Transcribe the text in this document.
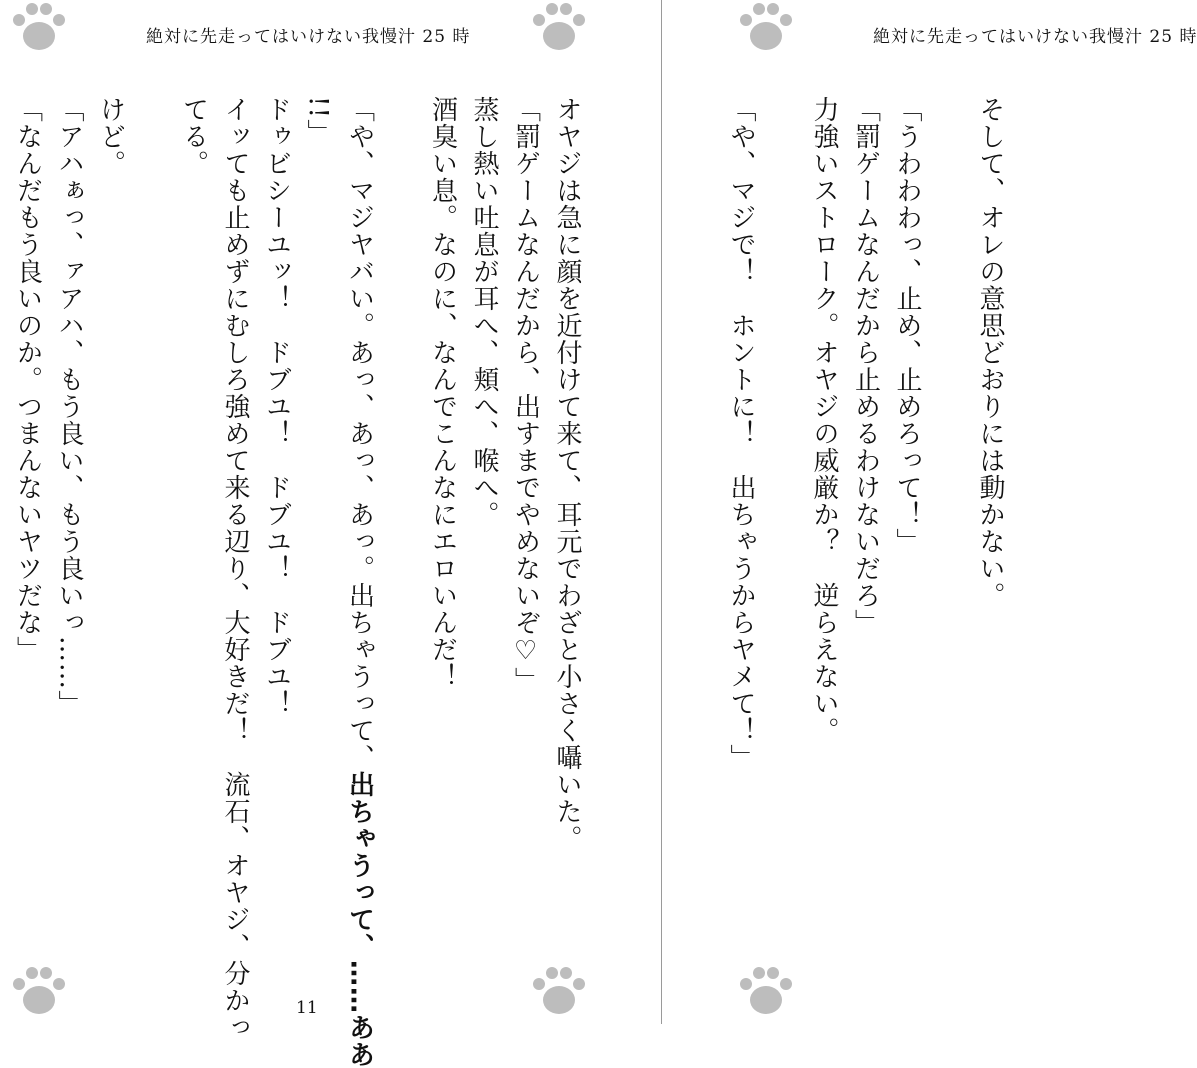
絶対に先走ってはいけない我慢汁 25 時
オヤジは急に顔を近付けて来て、耳元でわざと小さく囁いた。
「罰ゲームなんだから、出すまでやめないぞ♡」
蒸し熱い吐息が耳へ、頬へ、喉へ。
酒臭い息。なのに、なんでこんなにエロいんだ！

「や、マジヤバい。あっ、あっ、あっ。出ちゃうって、出ちゃうって、……ああ
!!」
ドゥビシーユッ！　ドブユ！　ドブユ！　ドブユ！
イッても止めずにむしろ強めて来る辺り、大好きだ！　流石、オヤジ、分かっ
てる。

けど。
「アハぁっ、ァアハ、もう良い、もう良いっ……」
「なんだもう良いのか。つまんないヤツだな」
11
絶対に先走ってはいけない我慢汁 25 時
そして、オレの意思どおりには動かない。

「うわわわっ、止め、止めろって！」
「罰ゲームなんだから止めるわけないだろ」
力強いストローク。オヤジの威厳か？　逆らえない。

「や、マジで！　ホントに！　出ちゃうからヤメて！」
